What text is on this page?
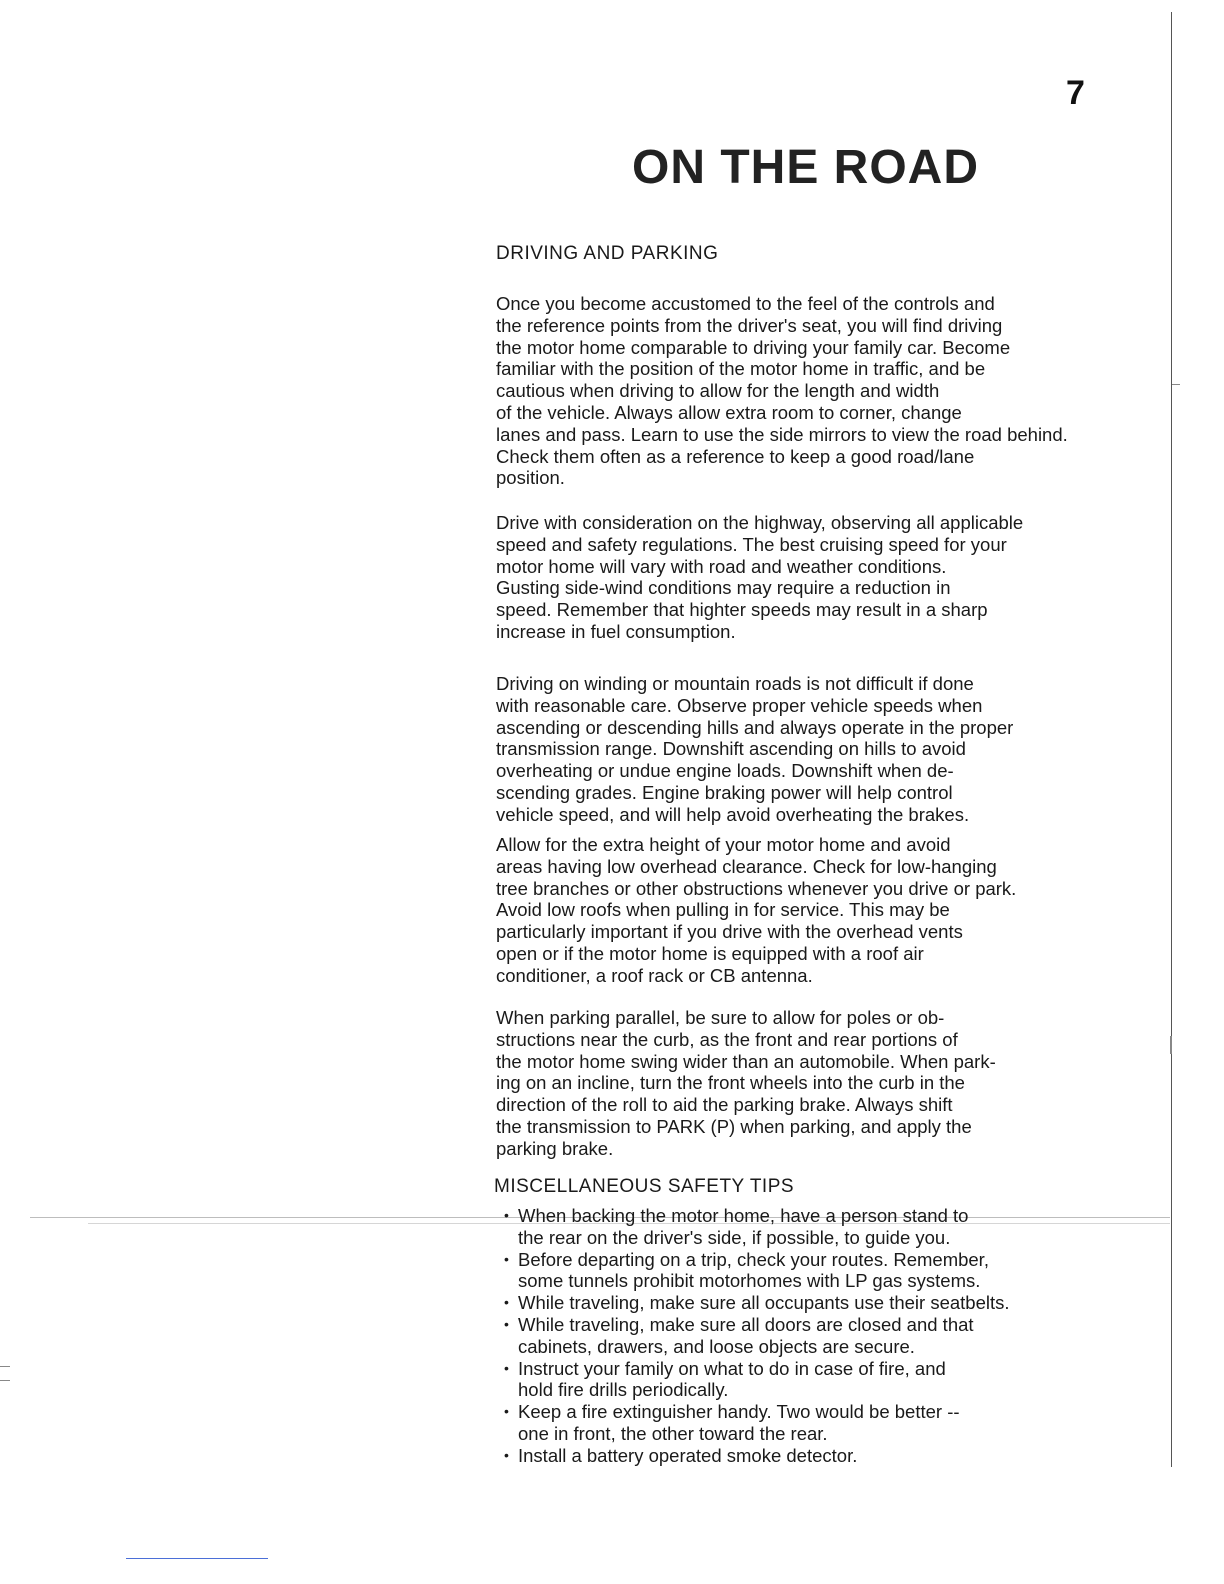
7
ON THE ROAD
DRIVING AND PARKING

Once you become accustomed to the feel of the controls and
the reference points from the driver's seat, you will find driving
the motor home comparable to driving your family car. Become
familiar with the position of the motor home in traffic, and be
cautious when driving to allow for the length and width
of the vehicle. Always allow extra room to corner, change
lanes and pass. Learn to use the side mirrors to view the road behind.
Check them often as a reference to keep a good road/lane
position.

Drive with consideration on the highway, observing all applicable
speed and safety regulations. The best cruising speed for your
motor home will vary with road and weather conditions.
Gusting side-wind conditions may require a reduction in
speed. Remember that highter speeds may result in a sharp
increase in fuel consumption.

Driving on winding or mountain roads is not difficult if done
with reasonable care. Observe proper vehicle speeds when
ascending or descending hills and always operate in the proper
transmission range. Downshift ascending on hills to avoid
overheating or undue engine loads. Downshift when de-
scending grades. Engine braking power will help control
vehicle speed, and will help avoid overheating the brakes.

Allow for the extra height of your motor home and avoid
areas having low overhead clearance. Check for low-hanging
tree branches or other obstructions whenever you drive or park.
Avoid low roofs when pulling in for service. This may be
particularly important if you drive with the overhead vents
open or if the motor home is equipped with a roof air
conditioner, a roof rack or CB antenna.

When parking parallel, be sure to allow for poles or ob-
structions near the curb, as the front and rear portions of
the motor home swing wider than an automobile. When park-
ing on an incline, turn the front wheels into the curb in the
direction of the roll to aid the parking brake. Always shift
the transmission to PARK (P) when parking, and apply the
parking brake.

MISCELLANEOUS SAFETY TIPS
• When backing the motor home, have a person stand to
the rear on the driver's side, if possible, to guide you.
• Before departing on a trip, check your routes. Remember,
some tunnels prohibit motorhomes with LP gas systems.
• While traveling, make sure all occupants use their seatbelts.
• While traveling, make sure all doors are closed and that
cabinets, drawers, and loose objects are secure.
• Instruct your family on what to do in case of fire, and
hold fire drills periodically.
• Keep a fire extinguisher handy. Two would be better --
one in front, the other toward the rear.
• Install a battery operated smoke detector.
